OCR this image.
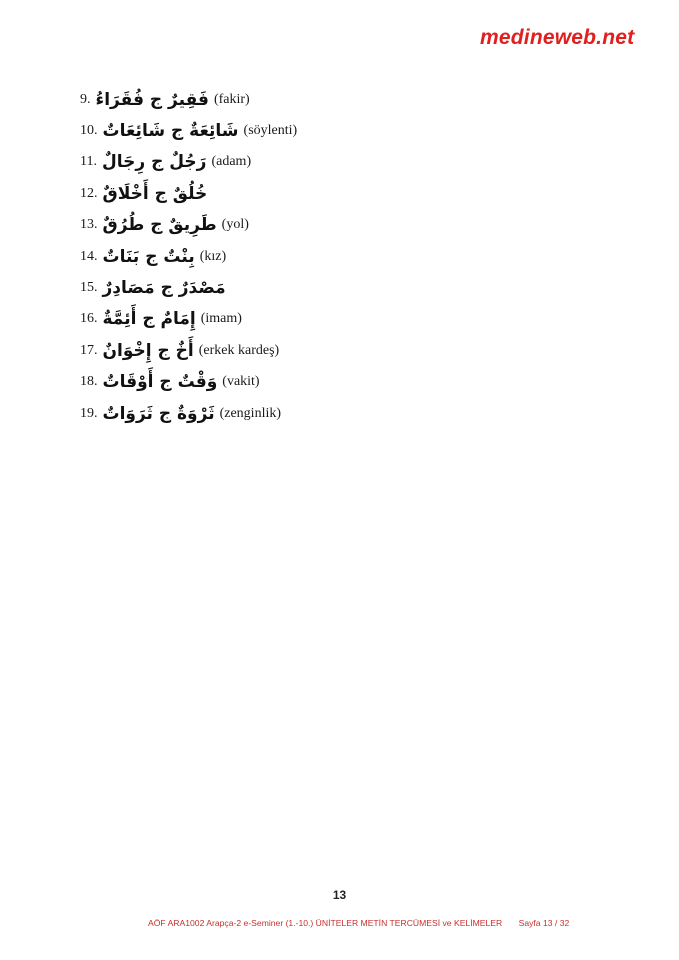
medineweb.net
9. فَقِيرٌ ج فُقَرَاءُ (fakir)
10. شَائِعَةٌ ج شَائِعَاتٌ (söylenti)
11. رَجُلٌ ج رِجَالٌ (adam)
12. خُلُقٌ ج أَخْلَاقٌ
13. طَرِيقٌ ج طُرُقٌ (yol)
14. بِنْتٌ ج بَنَاتٌ (kız)
15. مَصْدَرٌ ج مَصَادِرٌ
16. إِمَامٌ ج أَئِمَّةٌ (imam)
17. أَخٌ ج إِخْوَانٌ (erkek kardeş)
18. وَقْتٌ ج أَوْقَاتٌ (vakit)
19. ثَرْوَةٌ ج ثَرَوَاتٌ (zenginlik)
13
AÖF ARA1002 Arapça-2 e-Seminer (1.-10.) ÜNİTELER METİN TERCÜMESİ ve KELİMELER Sayfa 13 / 32
